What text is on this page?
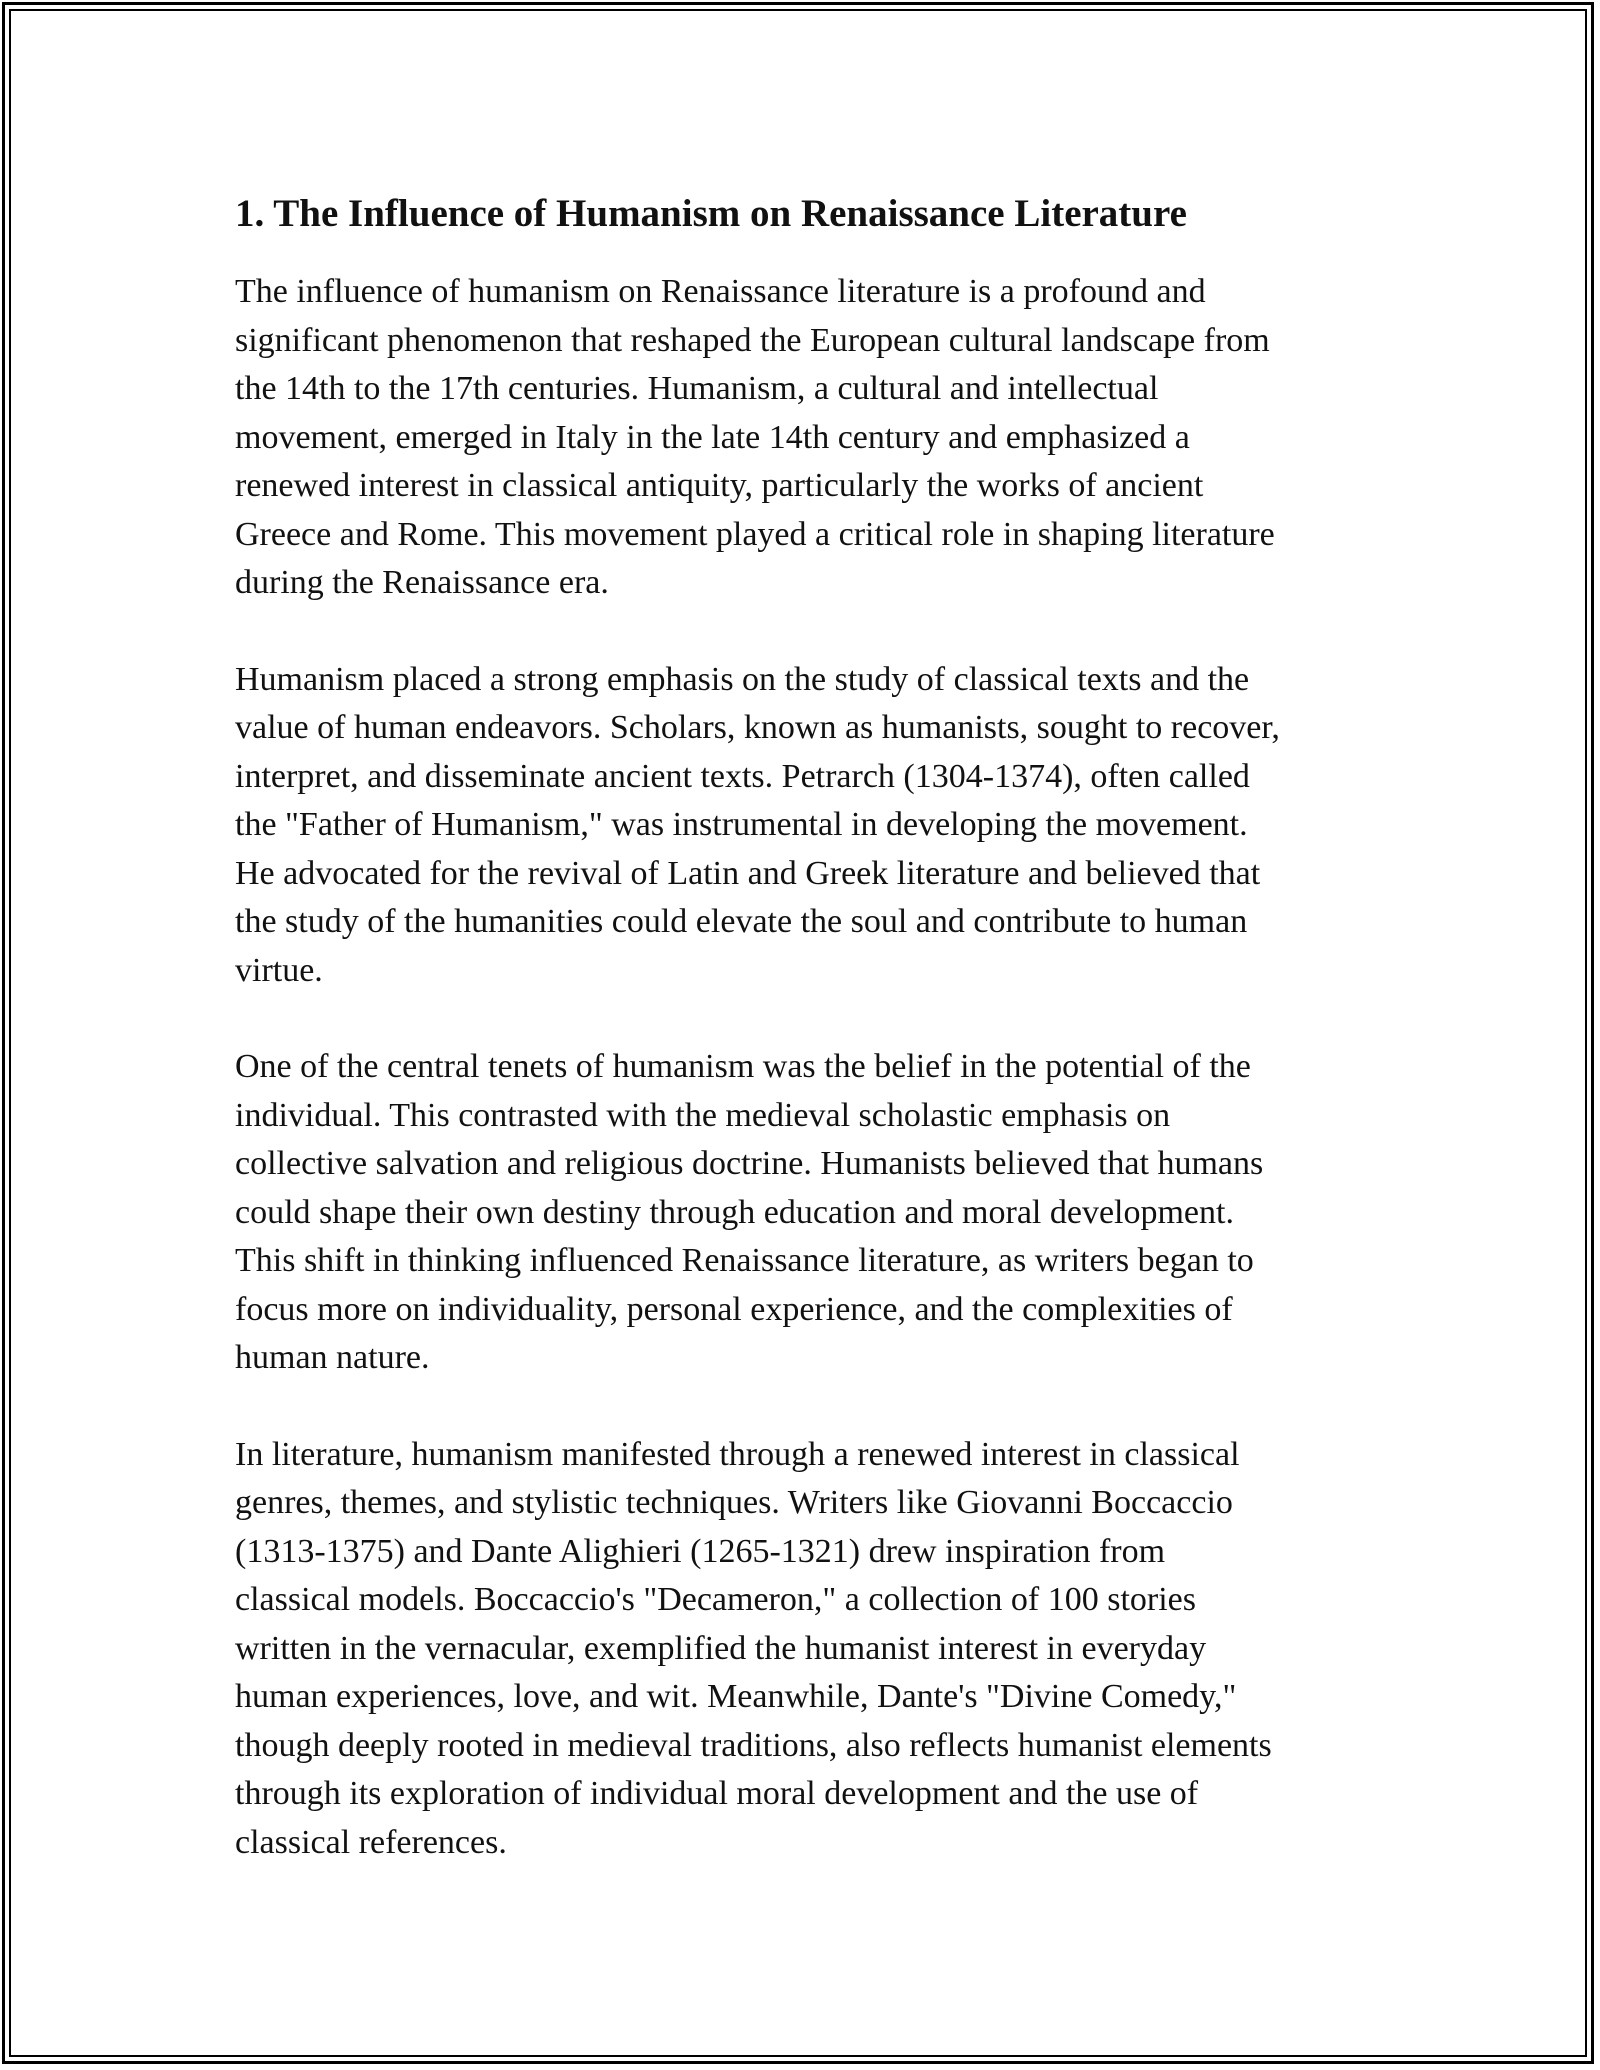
1. The Influence of Humanism on Renaissance Literature

The influence of humanism on Renaissance literature is a profound and
significant phenomenon that reshaped the European cultural landscape from
the 14th to the 17th centuries. Humanism, a cultural and intellectual
movement, emerged in Italy in the late 14th century and emphasized a
renewed interest in classical antiquity, particularly the works of ancient
Greece and Rome. This movement played a critical role in shaping literature
during the Renaissance era.

Humanism placed a strong emphasis on the study of classical texts and the
value of human endeavors. Scholars, known as humanists, sought to recover,
interpret, and disseminate ancient texts. Petrarch (1304-1374), often called
the "Father of Humanism," was instrumental in developing the movement.
He advocated for the revival of Latin and Greek literature and believed that
the study of the humanities could elevate the soul and contribute to human
virtue.

One of the central tenets of humanism was the belief in the potential of the
individual. This contrasted with the medieval scholastic emphasis on
collective salvation and religious doctrine. Humanists believed that humans
could shape their own destiny through education and moral development.
This shift in thinking influenced Renaissance literature, as writers began to
focus more on individuality, personal experience, and the complexities of
human nature.

In literature, humanism manifested through a renewed interest in classical
genres, themes, and stylistic techniques. Writers like Giovanni Boccaccio
(1313-1375) and Dante Alighieri (1265-1321) drew inspiration from
classical models. Boccaccio's "Decameron," a collection of 100 stories
written in the vernacular, exemplified the humanist interest in everyday
human experiences, love, and wit. Meanwhile, Dante's "Divine Comedy,"
though deeply rooted in medieval traditions, also reflects humanist elements
through its exploration of individual moral development and the use of
classical references.
